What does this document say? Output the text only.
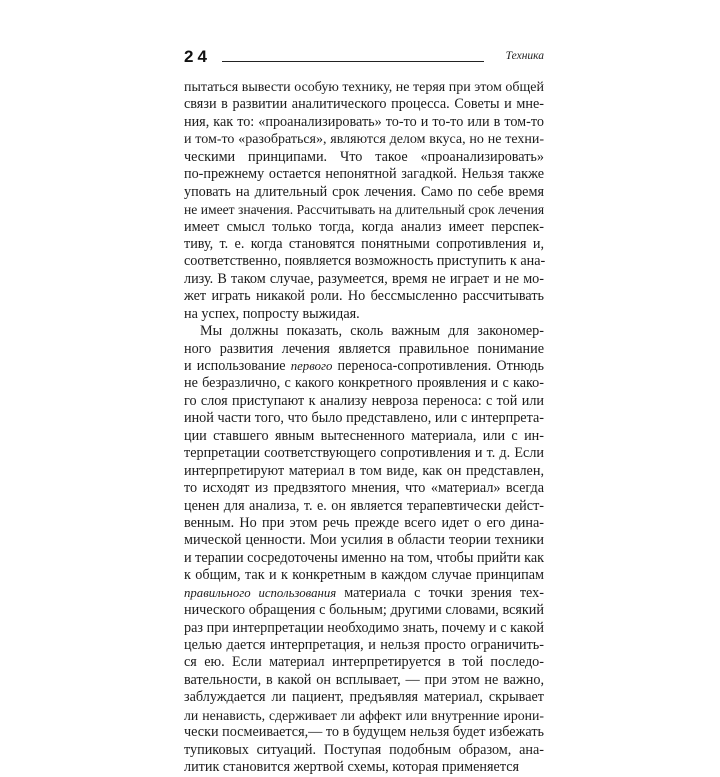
24	Техника
пытаться вывести особую технику, не теряя при этом общей
связи в развитии аналитического процесса. Советы и мне-
ния, как то: «проанализировать» то-то и то-то или в том-то
и том-то «разобраться», являются делом вкуса, но не техни-
ческими принципами. Что такое «проанализировать»
по-прежнему остается непонятной загадкой. Нельзя также
уповать на длительный срок лечения. Само по себе время
не имеет значения. Рассчитывать на длительный срок лечения
имеет смысл только тогда, когда анализ имеет перспек-
тиву, т. е. когда становятся понятными сопротивления и,
соответственно, появляется возможность приступить к ана-
лизу. В таком случае, разумеется, время не играет и не мо-
жет играть никакой роли. Но бессмысленно рассчитывать
на успех, попросту выжидая.
Мы должны показать, сколь важным для закономер-
ного развития лечения является правильное понимание
и использование первого переноса-сопротивления. Отнюдь
не безразлично, с какого конкретного проявления и с како-
го слоя приступают к анализу невроза переноса: с той или
иной части того, что было представлено, или с интерпрета-
ции ставшего явным вытесненного материала, или с ин-
терпретации соответствующего сопротивления и т. д. Если
интерпретируют материал в том виде, как он представлен,
то исходят из предвзятого мнения, что «материал» всегда
ценен для анализа, т. е. он является терапевтически дейст-
венным. Но при этом речь прежде всего идет о его дина-
мической ценности. Мои усилия в области теории техники
и терапии сосредоточены именно на том, чтобы прийти как
к общим, так и к конкретным в каждом случае принципам
правильного использования материала с точки зрения тех-
нического обращения с больным; другими словами, всякий
раз при интерпретации необходимо знать, почему и с какой
целью дается интерпретация, и нельзя просто ограничить-
ся ею. Если материал интерпретируется в той последо-
вательности, в какой он всплывает, — при этом не важно,
заблуждается ли пациент, предъявляя материал, скрывает
ли ненависть, сдерживает ли аффект или внутренние ирони-
чески посмеивается,— то в будущем нельзя будет избежать
тупиковых ситуаций. Поступая подобным образом, ана-
литик становится жертвой схемы, которая применяется
